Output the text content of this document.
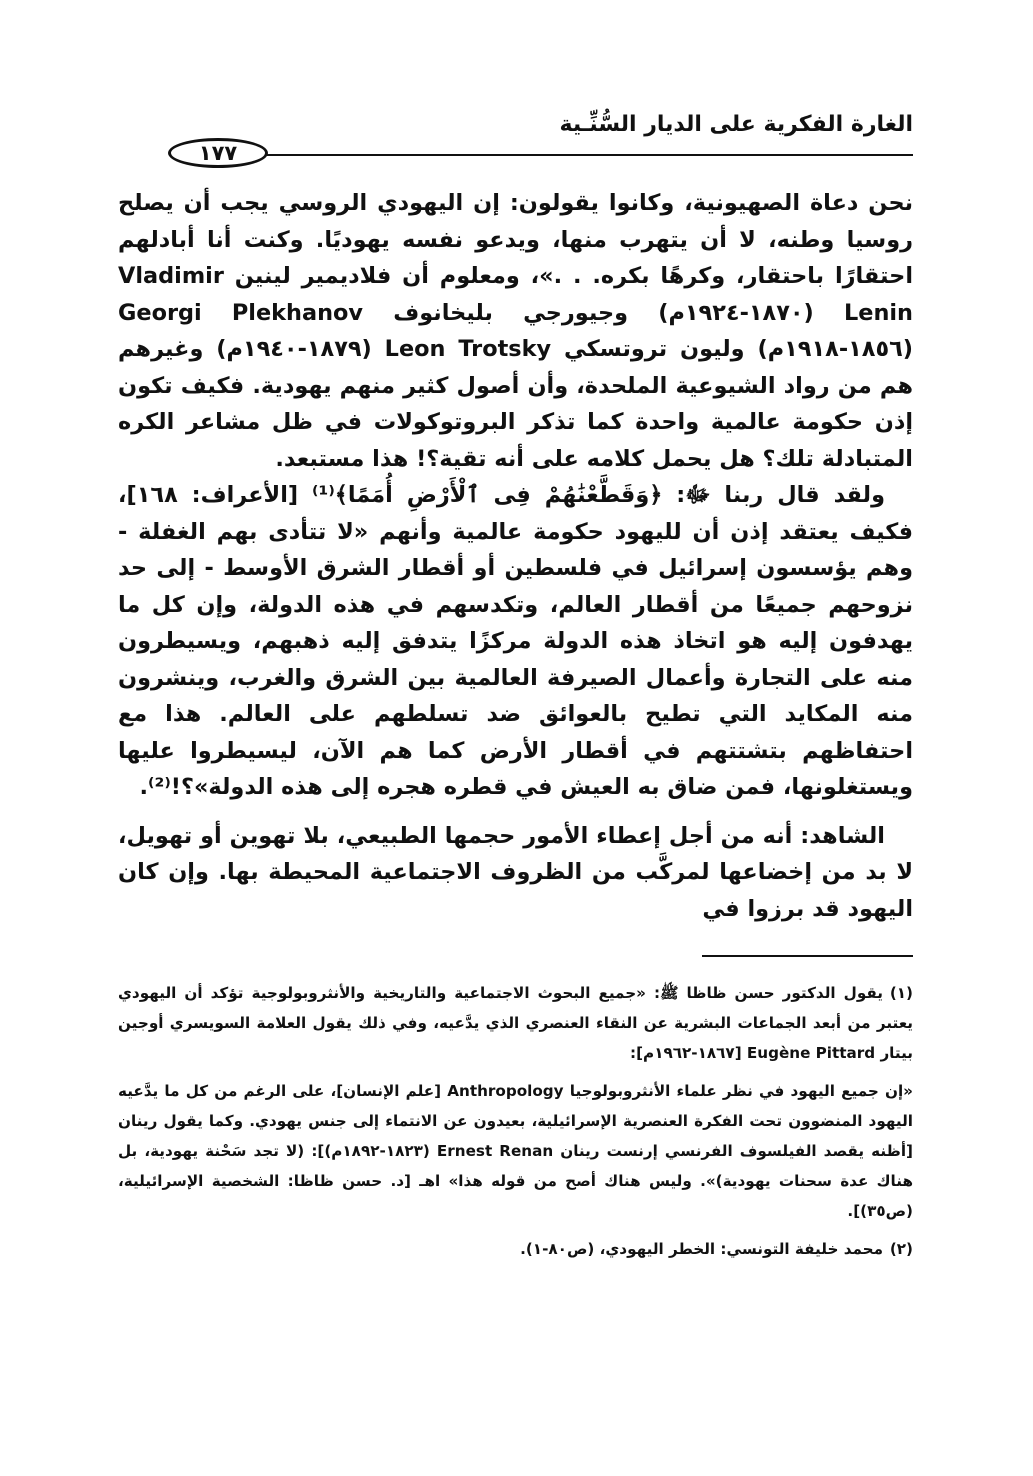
الغارة الفكرية على الديار السُّنِّـية
١٧٧

نحن دعاة الصهيونية، وكانوا يقولون: إن اليهودي الروسي يجب أن يصلح روسيا وطنه، لا أن يتهرب منها، ويدعو نفسه يهوديًا. وكنت أنا أبادلهم احتقارًا باحتقار، وكرهًا بكره. . .»، ومعلوم أن فلاديمير لينين Vladimir Lenin (١٨٧٠-١٩٢٤م) وجيورجي بليخانوف Georgi Plekhanov (١٨٥٦-١٩١٨م) وليون تروتسكي Leon Trotsky (١٨٧٩-١٩٤٠م) وغيرهم هم من رواد الشيوعية الملحدة، وأن أصول كثير منهم يهودية. فكيف تكون إذن حكومة عالمية واحدة كما تذكر البروتوكولات في ظل مشاعر الكره المتبادلة تلك؟ هل يحمل كلامه على أنه تقية؟! هذا مستبعد.

ولقد قال ربنا ﷻ: ﴿وَقَطَّعْنَٰهُمْ فِى ٱلْأَرْضِ أُمَمًا﴾⁽¹⁾ [الأعراف: ١٦٨]، فكيف يعتقد إذن أن لليهود حكومة عالمية وأنهم «لا تتأدى بهم الغفلة - وهم يؤسسون إسرائيل في فلسطين أو أقطار الشرق الأوسط - إلى حد نزوحهم جميعًا من أقطار العالم، وتكدسهم في هذه الدولة، وإن كل ما يهدفون إليه هو اتخاذ هذه الدولة مركزًا يتدفق إليه ذهبهم، ويسيطرون منه على التجارة وأعمال الصيرفة العالمية بين الشرق والغرب، وينشرون منه المكايد التي تطيح بالعوائق ضد تسلطهم على العالم. هذا مع احتفاظهم بتشتتهم في أقطار الأرض كما هم الآن، ليسيطروا عليها ويستغلونها، فمن ضاق به العيش في قطره هجره إلى هذه الدولة»؟!⁽²⁾.

الشاهد: أنه من أجل إعطاء الأمور حجمها الطبيعي، بلا تهوين أو تهويل، لا بد من إخضاعها لمركَّب من الظروف الاجتماعية المحيطة بها. وإن كان اليهود قد برزوا في

(١)يقول الدكتور حسن ظاظا ﷺ: «جميع البحوث الاجتماعية والتاريخية والأنثروبولوجية تؤكد أن اليهودي يعتبر من أبعد الجماعات البشرية عن النقاء العنصري الذي يدَّعيه، وفي ذلك يقول العلامة السويسري أوجين بيتار Eugène Pittard [١٨٦٧-١٩٦٢م]:

«إن جميع اليهود في نظر علماء الأنثروبولوجيا Anthropology [علم الإنسان]، على الرغم من كل ما يدَّعيه اليهود المنضوون تحت الفكرة العنصرية الإسرائيلية، بعيدون عن الانتماء إلى جنس يهودي. وكما يقول رينان [أظنه يقصد الفيلسوف الفرنسي إرنست رينان Ernest Renan (١٨٢٣-١٨٩٢م)]: (لا تجد سَحْنة يهودية، بل هناك عدة سحنات يهودية)». وليس هناك أصح من قوله هذا» اهـ [د. حسن ظاظا: الشخصية الإسرائيلية، (ص٣٥)].

(٢)محمد خليفة التونسي: الخطر اليهودي، (ص٨٠-١).
